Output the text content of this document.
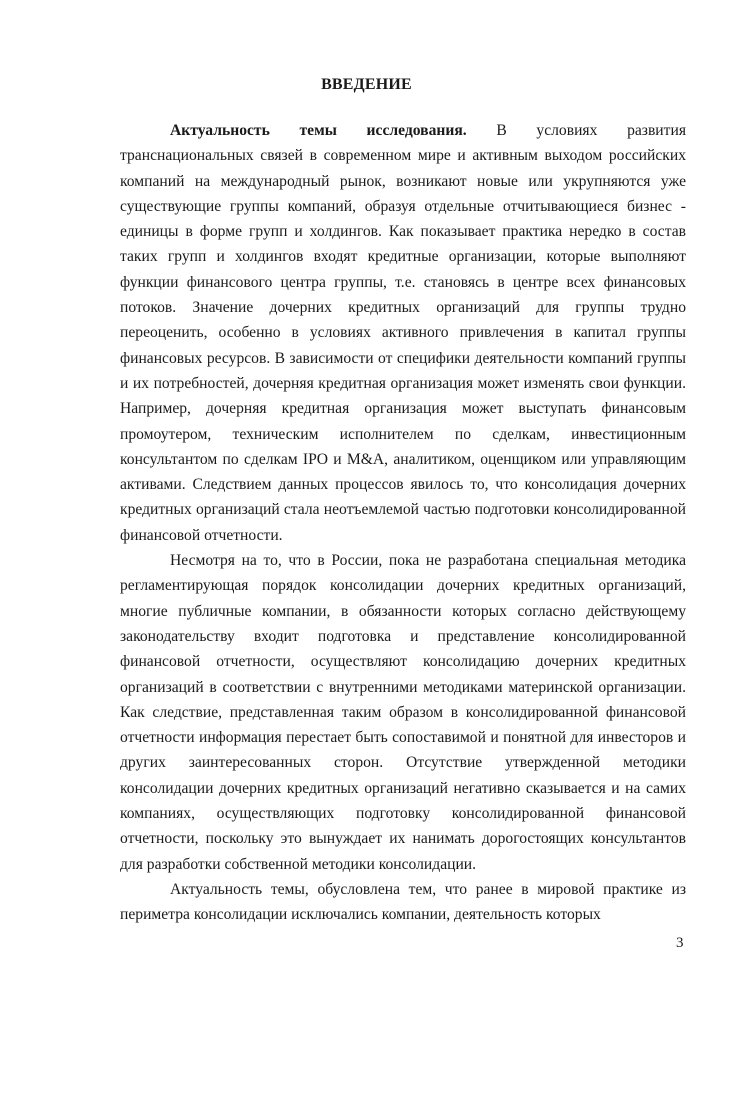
ВВЕДЕНИЕ

Актуальность темы исследования. В условиях развития транснациональных связей в современном мире и активным выходом российских компаний на международный рынок, возникают новые или укрупняются уже существующие группы компаний, образуя отдельные отчитывающиеся бизнес - единицы в форме групп и холдингов. Как показывает практика нередко в состав таких групп и холдингов входят кредитные организации, которые выполняют функции финансового центра группы, т.е. становясь в центре всех финансовых потоков. Значение дочерних кредитных организаций для группы трудно переоценить, особенно в условиях активного привлечения в капитал группы финансовых ресурсов. В зависимости от специфики деятельности компаний группы и их потребностей, дочерняя кредитная организация может изменять свои функции. Например, дочерняя кредитная организация может выступать финансовым промоутером, техническим исполнителем по сделкам, инвестиционным консультантом по сделкам IPO и M&A, аналитиком, оценщиком или управляющим активами. Следствием данных процессов явилось то, что консолидация дочерних кредитных организаций стала неотъемлемой частью подготовки консолидированной финансовой отчетности.

Несмотря на то, что в России, пока не разработана специальная методика регламентирующая порядок консолидации дочерних кредитных организаций, многие публичные компании, в обязанности которых согласно действующему законодательству входит подготовка и представление консолидированной финансовой отчетности, осуществляют консолидацию дочерних кредитных организаций в соответствии с внутренними методиками материнской организации. Как следствие, представленная таким образом в консолидированной финансовой отчетности информация перестает быть сопоставимой и понятной для инвесторов и других заинтересованных сторон. Отсутствие утвержденной методики консолидации дочерних кредитных организаций негативно сказывается и на самих компаниях, осуществляющих подготовку консолидированной финансовой отчетности, поскольку это вынуждает их нанимать дорогостоящих консультантов для разработки собственной методики консолидации.

Актуальность темы, обусловлена тем, что ранее в мировой практике из периметра консолидации исключались компании, деятельность которых

3
